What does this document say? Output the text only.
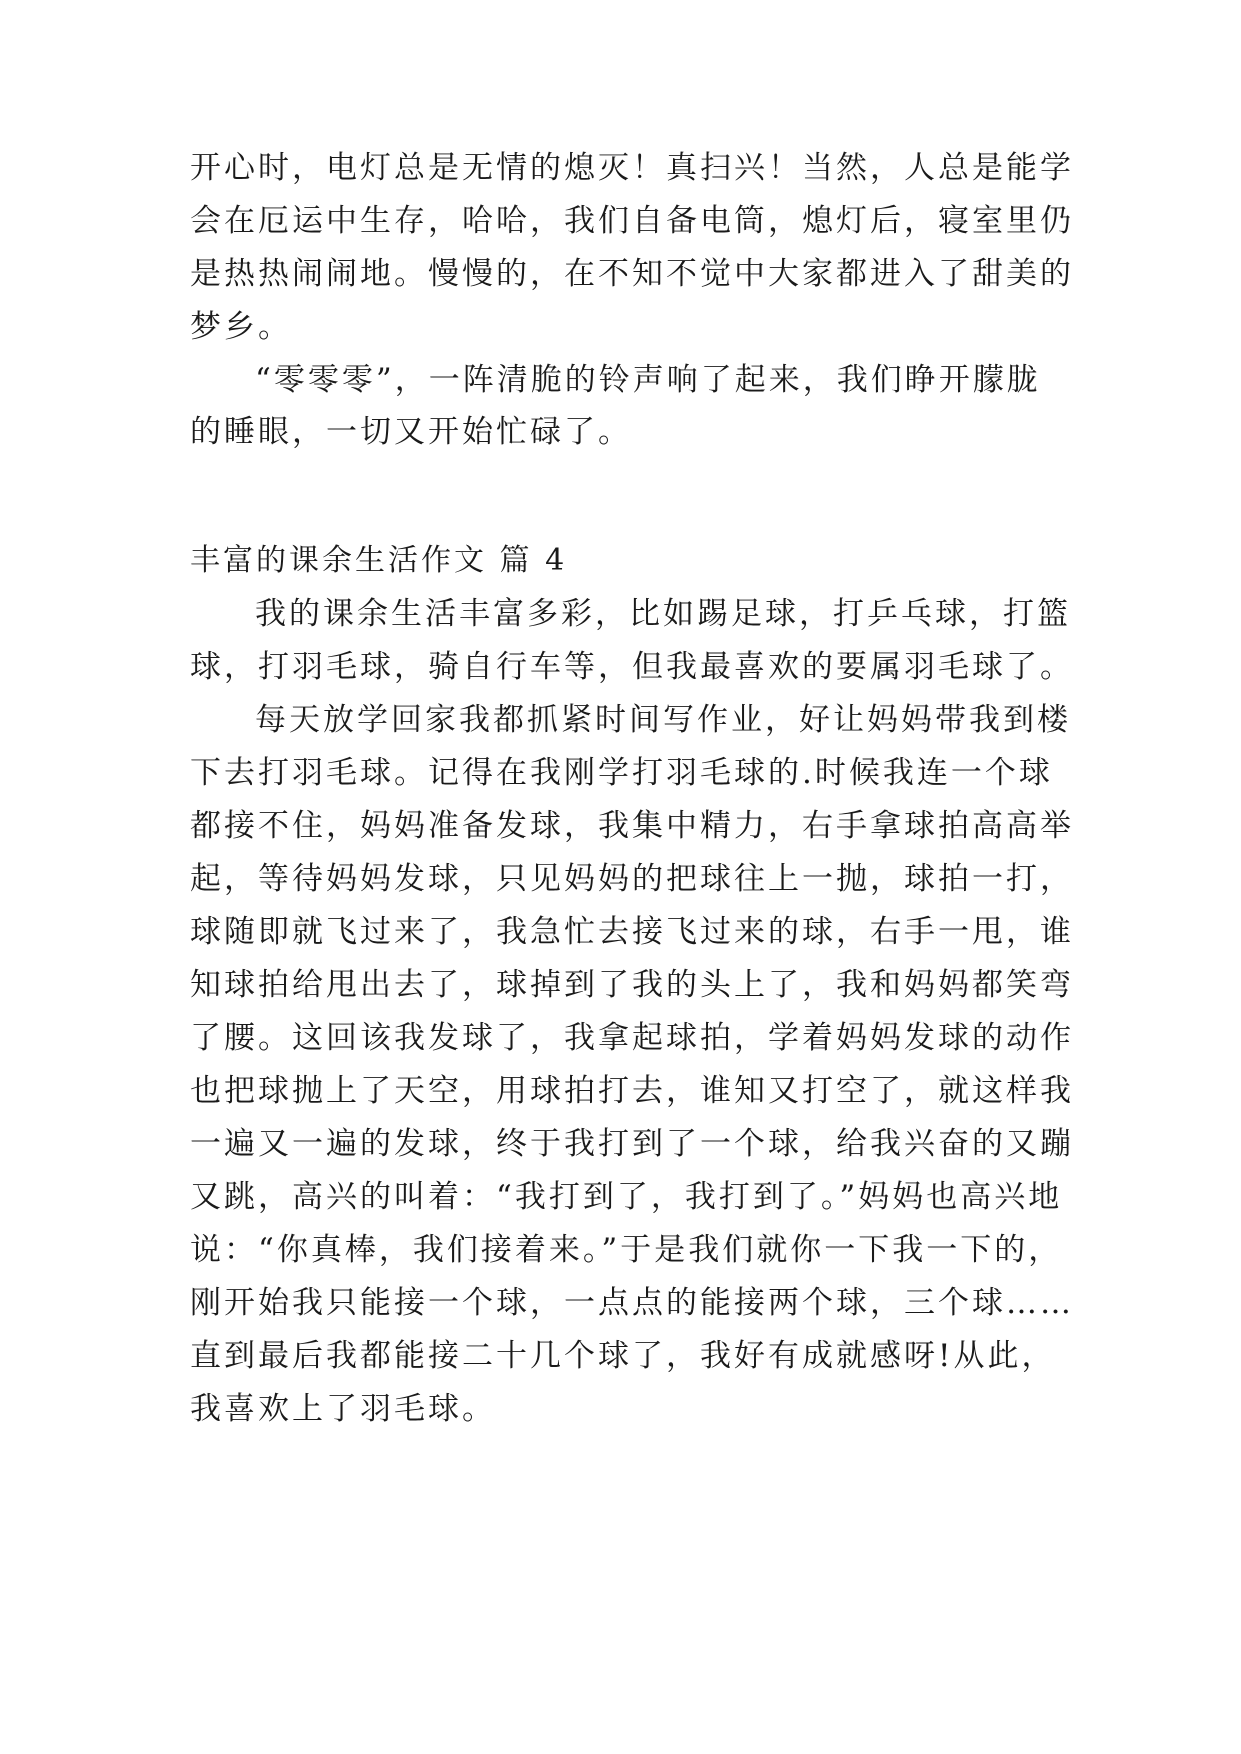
开心时，电灯总是无情的熄灭！真扫兴！当然，人总是能学
会在厄运中生存，哈哈，我们自备电筒，熄灯后，寝室里仍
是热热闹闹地。慢慢的，在不知不觉中大家都进入了甜美的
梦乡。
“零零零”，一阵清脆的铃声响了起来，我们睁开朦胧
的睡眼，一切又开始忙碌了。
丰富的课余生活作文 篇 4
我的课余生活丰富多彩，比如踢足球，打乒乓球，打篮
球，打羽毛球，骑自行车等，但我最喜欢的要属羽毛球了。
每天放学回家我都抓紧时间写作业，好让妈妈带我到楼
下去打羽毛球。记得在我刚学打羽毛球的.时候我连一个球
都接不住，妈妈准备发球，我集中精力，右手拿球拍高高举
起，等待妈妈发球，只见妈妈的把球往上一抛，球拍一打，
球随即就飞过来了，我急忙去接飞过来的球，右手一甩，谁
知球拍给甩出去了，球掉到了我的头上了，我和妈妈都笑弯
了腰。这回该我发球了，我拿起球拍，学着妈妈发球的动作
也把球抛上了天空，用球拍打去，谁知又打空了，就这样我
一遍又一遍的发球，终于我打到了一个球，给我兴奋的又蹦
又跳，高兴的叫着：“我打到了，我打到了。”妈妈也高兴地
说：“你真棒，我们接着来。”于是我们就你一下我一下的，
刚开始我只能接一个球，一点点的能接两个球，三个球……
直到最后我都能接二十几个球了，我好有成就感呀!从此，
我喜欢上了羽毛球。
